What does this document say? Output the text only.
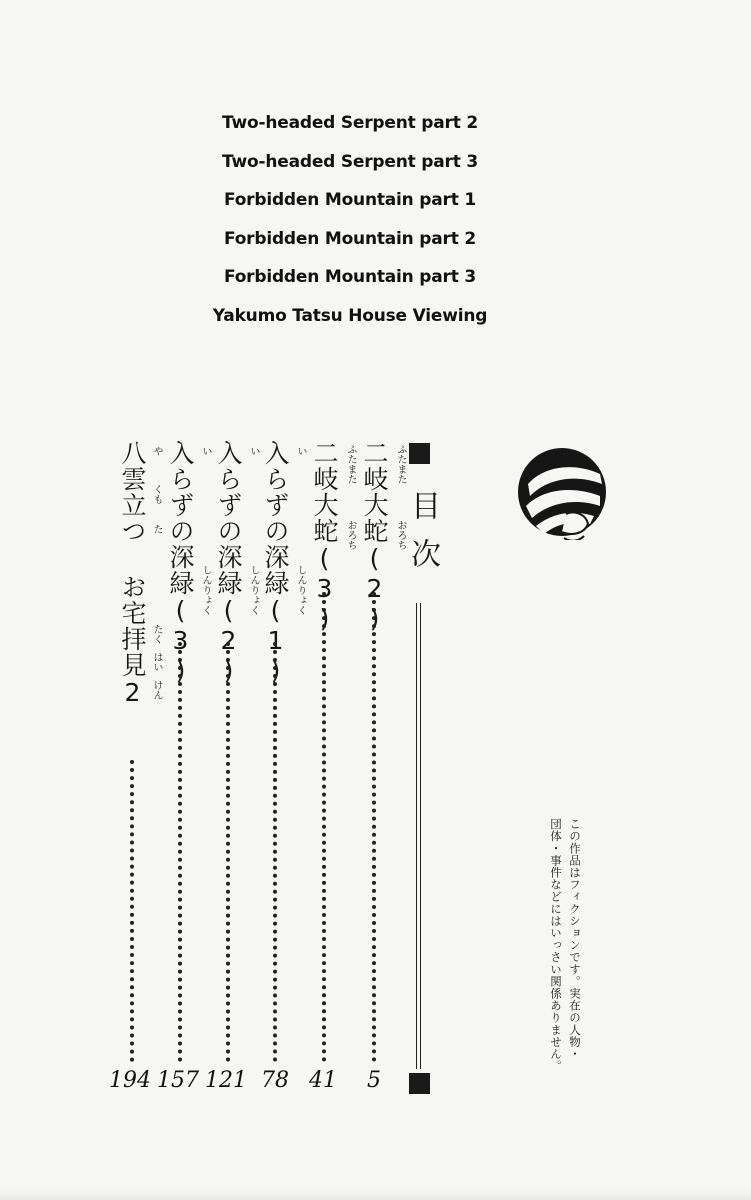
Two-headed Serpent part 2
Two-headed Serpent part 3
Forbidden Mountain part 1
Forbidden Mountain part 2
Forbidden Mountain part 3
Yakumo Tatsu House Viewing
目次
二岐大蛇(2)
ふたまた
おろち
5
二岐大蛇(3)
ふたまた
おろち
41
入らずの深緑(1)
い
しんりょく
78
入らずの深緑(2)
い
しんりょく
121
入らずの深緑(3)
い
しんりょく
157
八雲立つ お宅拝見2 や
くも
た
たく
はい
けん
194
この作品はフィクションです。実在の人物・
団体・事件などにはいっさい関係ありません。
